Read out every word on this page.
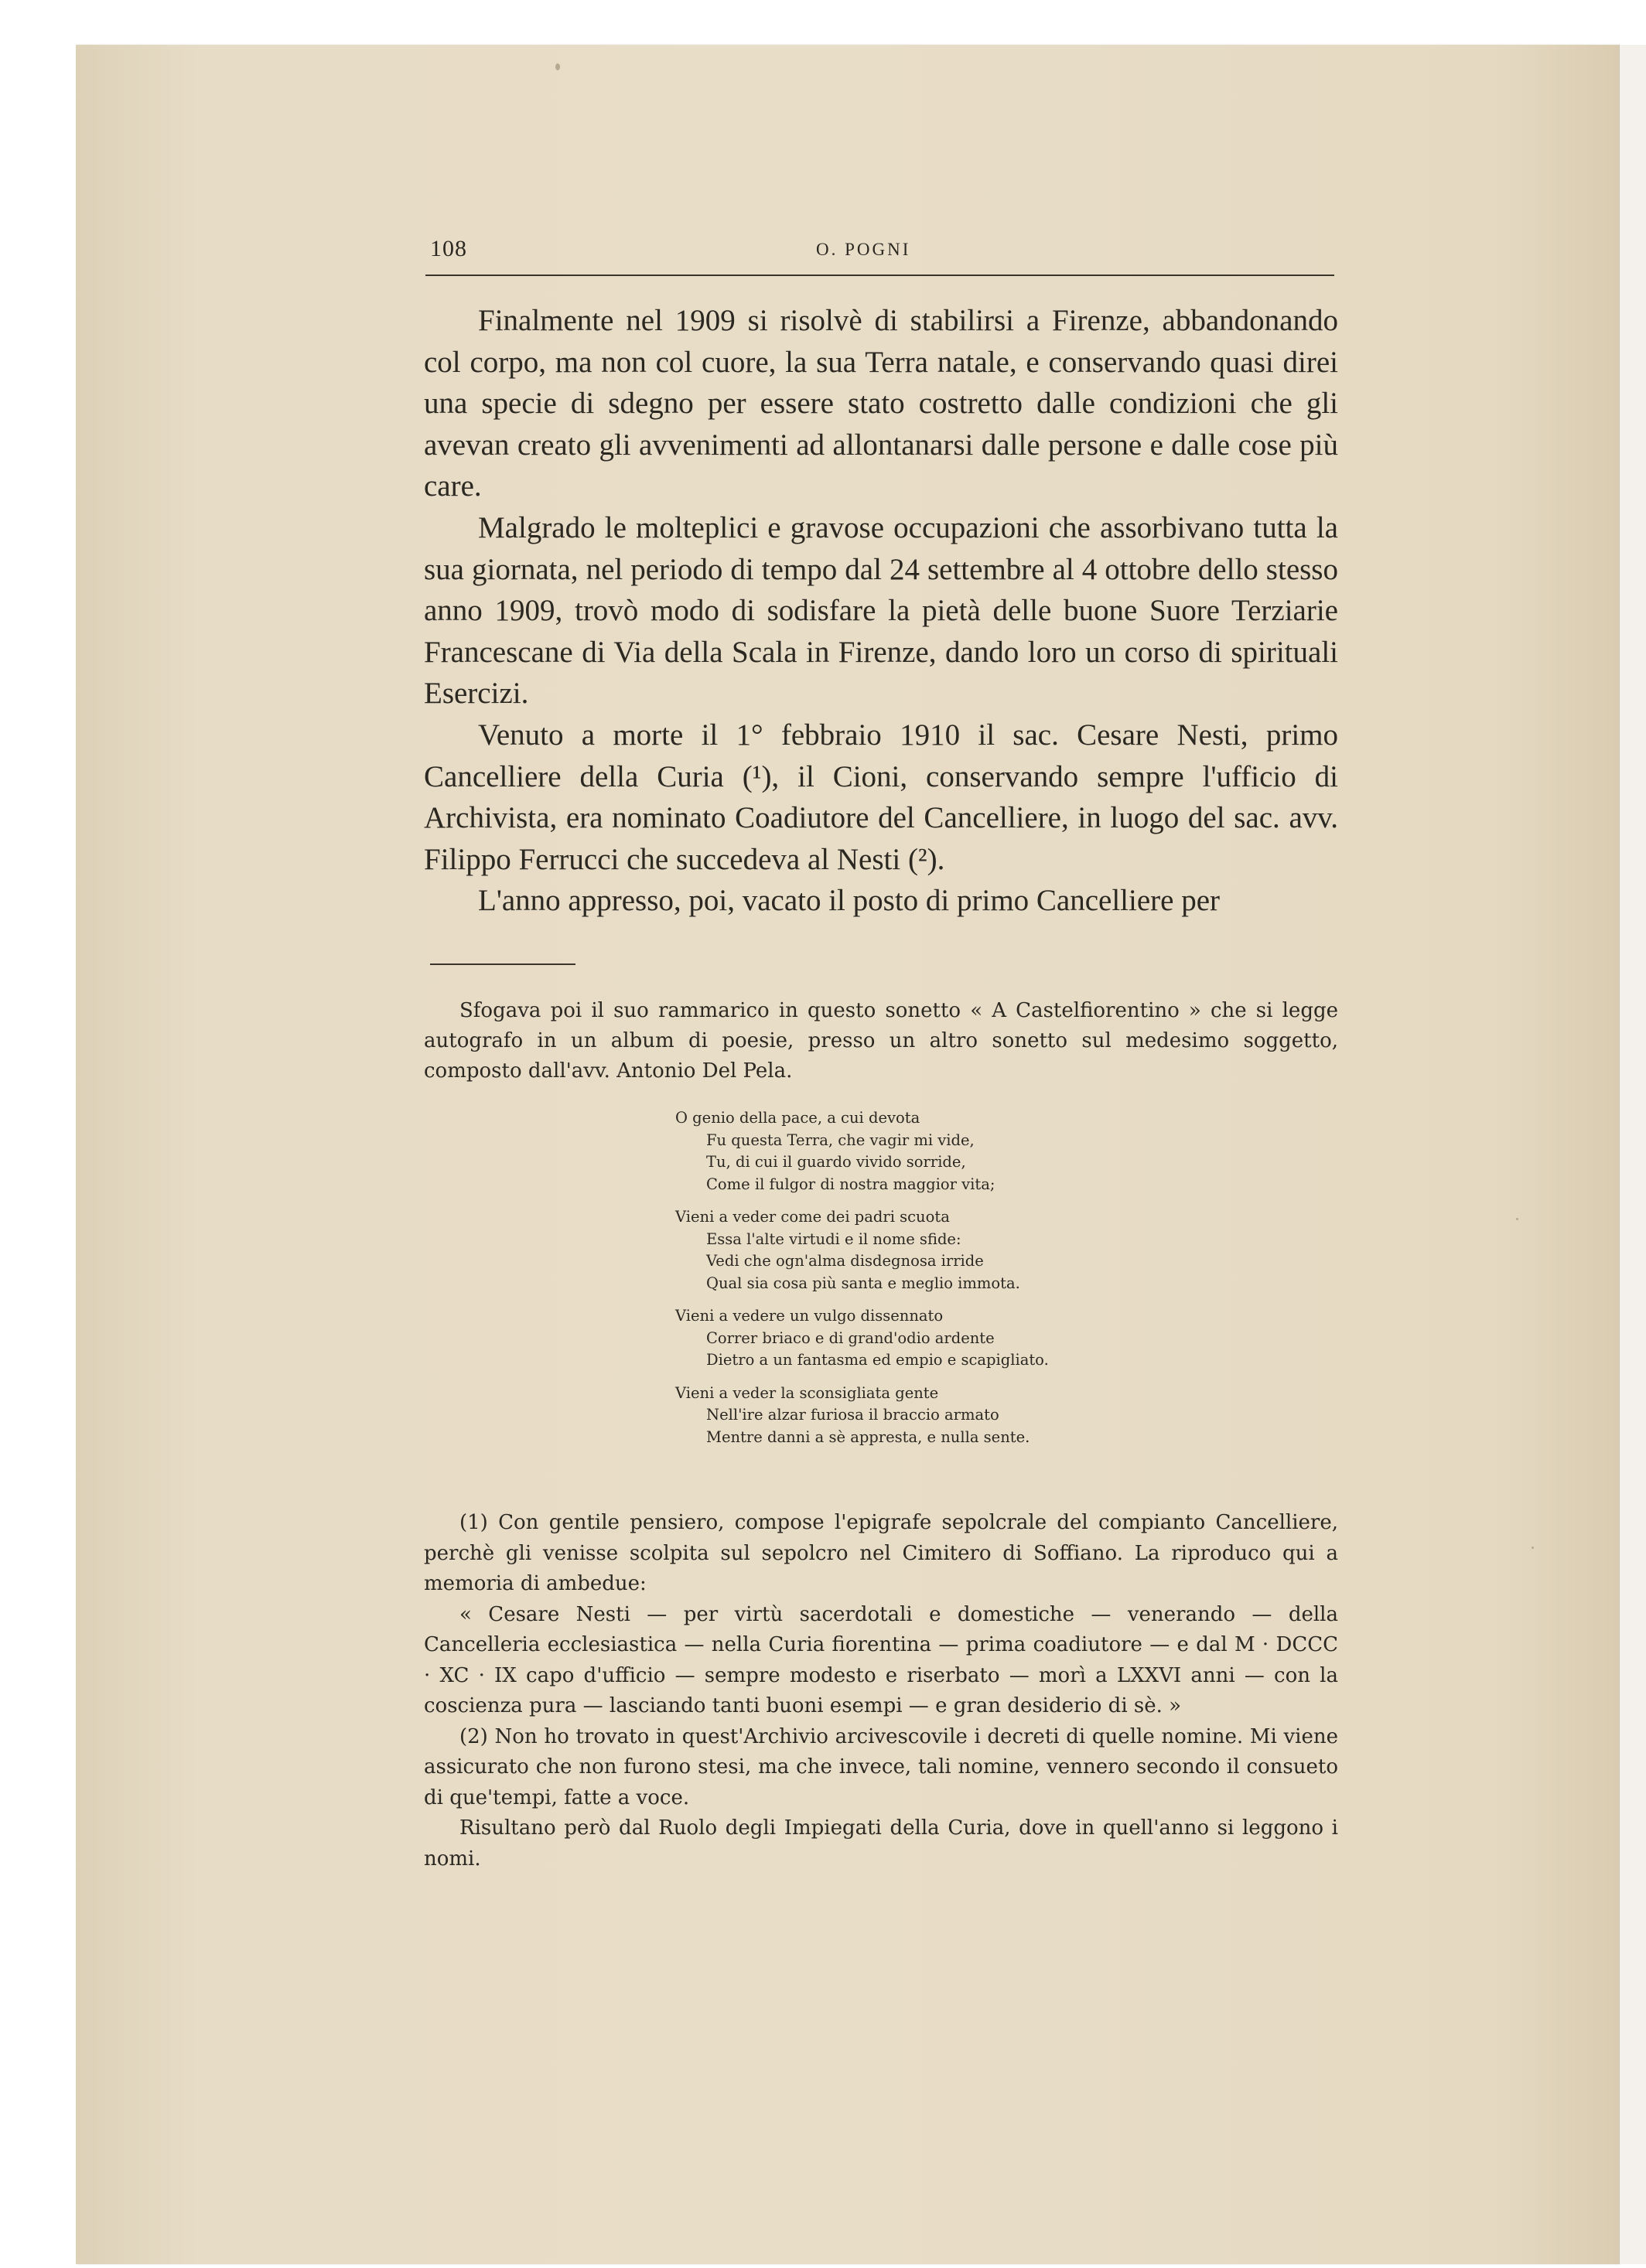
108	O. POGNI

Finalmente nel 1909 si risolvè di stabilirsi a Firenze, abbandonando col corpo, ma non col cuore, la sua Terra natale, e conservando quasi direi una specie di sdegno per essere stato costretto dalle condizioni che gli avevan creato gli avvenimenti ad allontanarsi dalle persone e dalle cose più care.

Malgrado le molteplici e gravose occupazioni che assorbivano tutta la sua giornata, nel periodo di tempo dal 24 settembre al 4 ottobre dello stesso anno 1909, trovò modo di sodisfare la pietà delle buone Suore Terziarie Francescane di Via della Scala in Firenze, dando loro un corso di spirituali Esercizi.

Venuto a morte il 1° febbraio 1910 il sac. Cesare Nesti, primo Cancelliere della Curia (¹), il Cioni, conservando sempre l'ufficio di Archivista, era nominato Coadiutore del Cancelliere, in luogo del sac. avv. Filippo Ferrucci che succedeva al Nesti (²).

L'anno appresso, poi, vacato il posto di primo Cancelliere per

Sfogava poi il suo rammarico in questo sonetto « A Castelfiorentino » che si legge autografo in un album di poesie, presso un altro sonetto sul medesimo soggetto, composto dall'avv. Antonio Del Pela.

O genio della pace, a cui devota
Fu questa Terra, che vagir mi vide,
Tu, di cui il guardo vivido sorride,
Come il fulgor di nostra maggior vita;
Vieni a veder come dei padri scuota
Essa l'alte virtudi e il nome sfide:
Vedi che ogn'alma disdegnosa irride
Qual sia cosa più santa e meglio immota.
Vieni a vedere un vulgo dissennato
Correr briaco e di grand'odio ardente
Dietro a un fantasma ed empio e scapigliato.
Vieni a veder la sconsigliata gente
Nell'ire alzar furiosa il braccio armato
Mentre danni a sè appresta, e nulla sente.

(1) Con gentile pensiero, compose l'epigrafe sepolcrale del compianto Cancelliere, perchè gli venisse scolpita sul sepolcro nel Cimitero di Soffiano. La riproduco qui a memoria di ambedue:

« Cesare Nesti — per virtù sacerdotali e domestiche — venerando — della Cancelleria ecclesiastica — nella Curia fiorentina — prima coadiutore — e dal M · DCCC · XC · IX capo d'ufficio — sempre modesto e riserbato — morì a LXXVI anni — con la coscienza pura — lasciando tanti buoni esempi — e gran desiderio di sè. »

(2) Non ho trovato in quest'Archivio arcivescovile i decreti di quelle nomine. Mi viene assicurato che non furono stesi, ma che invece, tali nomine, vennero secondo il consueto di que'tempi, fatte a voce.

Risultano però dal Ruolo degli Impiegati della Curia, dove in quell'anno si leggono i nomi.
